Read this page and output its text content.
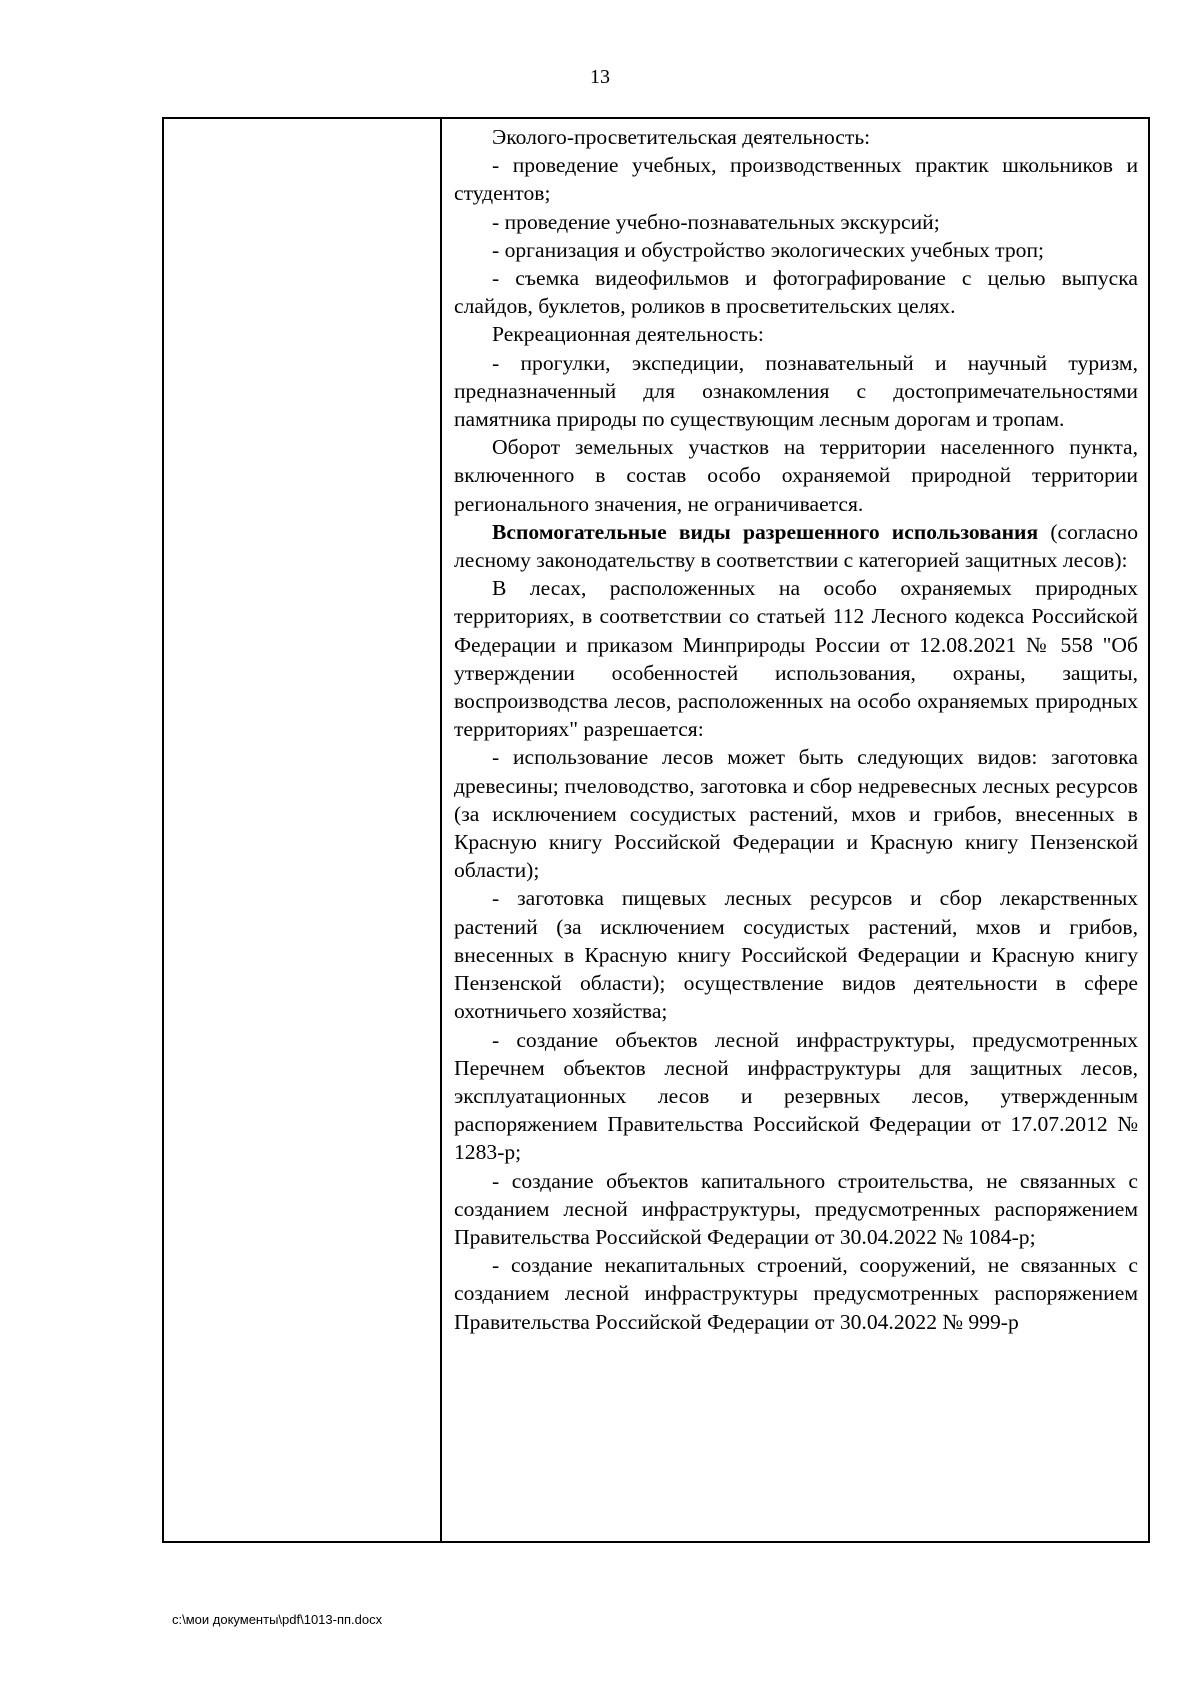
13

Эколого-просветительская деятельность:

- проведение учебных, производственных практик школьников и студентов;

- проведение учебно-познавательных экскурсий;

- организация и обустройство экологических учебных троп;

- съемка видеофильмов и фотографирование с целью выпуска слайдов, буклетов, роликов в просветительских целях.

Рекреационная деятельность:

- прогулки, экспедиции, познавательный и научный туризм, предназначенный для ознакомления с достопримечательностями памятника природы по существующим лесным дорогам и тропам.

Оборот земельных участков на территории населенного пункта, включенного в состав особо охраняемой природной территории регионального значения, не ограничивается.

Вспомогательные виды разрешенного использования (согласно лесному законодательству в соответствии с категорией защитных лесов):

В лесах, расположенных на особо охраняемых природных территориях, в соответствии со статьей 112 Лесного кодекса Российской Федерации и приказом Минприроды России от 12.08.2021 № 558 "Об утверждении особенностей использования, охраны, защиты, воспроизводства лесов, расположенных на особо охраняемых природных территориях" разрешается:

- использование лесов может быть следующих видов: заготовка древесины; пчеловодство, заготовка и сбор недревесных лесных ресурсов (за исключением сосудистых растений, мхов и грибов, внесенных в Красную книгу Российской Федерации и Красную книгу Пензенской области);

- заготовка пищевых лесных ресурсов и сбор лекарственных растений (за исключением сосудистых растений, мхов и грибов, внесенных в Красную книгу Российской Федерации и Красную книгу Пензенской области); осуществление видов деятельности в сфере охотничьего хозяйства;

- создание объектов лесной инфраструктуры, предусмотренных Перечнем объектов лесной инфраструктуры для защитных лесов, эксплуатационных лесов и резервных лесов, утвержденным распоряжением Правительства Российской Федерации от 17.07.2012 № 1283-р;

- создание объектов капитального строительства, не связанных с созданием лесной инфраструктуры, предусмотренных распоряжением Правительства Российской Федерации от 30.04.2022 № 1084-р;

- создание некапитальных строений, сооружений, не связанных с созданием лесной инфраструктуры предусмотренных распоряжением Правительства Российской Федерации от 30.04.2022 № 999-р

c:\мои документы\pdf\1013-пп.docx
